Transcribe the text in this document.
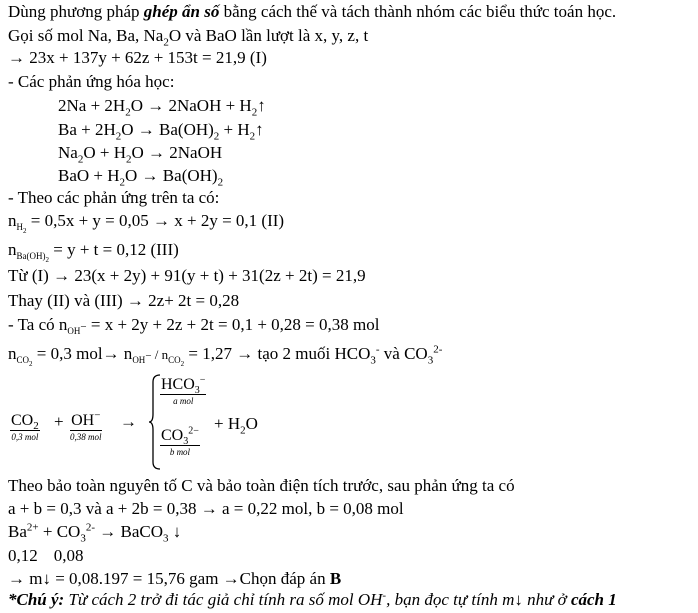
Dùng phương pháp ghép ẩn số bằng cách thế và tách thành nhóm các biểu thức toán học.
Gọi số mol Na, Ba, $Na_2O$ và BaO lần lượt là x, y, z, t
→ 23x + 137y + 62z + 153t = 21,9 (I)
- Các phản ứng hóa học:
$2Na + 2H_2O$ → 2NaOH + $H_2↑$
$Ba + 2H_2O \to Ba(OH)_2$ + $H_2↑$
$Na_2O + H_2O$ → 2NaOH
BaO + $H_2O \to Ba(OH)_2$
- Theo các phản ứng trên ta có:
$n_{H_2} = 0,5x + y = 0,05 \to x + 2y = 0,1$ (II)
$n_{Ba(OH)_2} = y + t = 0,12$ (III)
Từ (I) → 23(x + 2y) + 91(y + t) + 31(2z + 2t) = 21,9
Thay (II) và (III) → 2z+ 2t = 0,28
- Ta có $n_{OH^-} = x + 2y + 2z + 2t = 0,1 + 0,28 = 0,38$ mol
$n_{CO_2} = 0,3$ $mol\to n_{OH^-} / n_{CO_2} = 1,27$ → tạo 2 muối $HCO_3^-$ và $CO_3^{2-}$
$CO_2$
0,3 mol
+ OH−
0,38 mol
→
$HCO_3^-$
a mol
$CO_3^{2-}$
b mol
+ $H_2O$
Theo bảo toàn nguyên tố C và bảo toàn điện tích trước, sau phản ứng ta có
a + b = 0,3 và a + 2b = 0,38 → a = 0,22 mol, b = 0,08 mol
$Ba^{2+} + CO_3^{2-}$ → BaCO$_3$ ↓
0,12 0,08
→ m↓ = 0,08.197 = 15,76 gam →Chọn đáp án B
*Chú ý: Từ cách 2 trở đi tác giả chỉ tính ra số mol OH-, bạn đọc tự tính m↓ như ở cách 1
